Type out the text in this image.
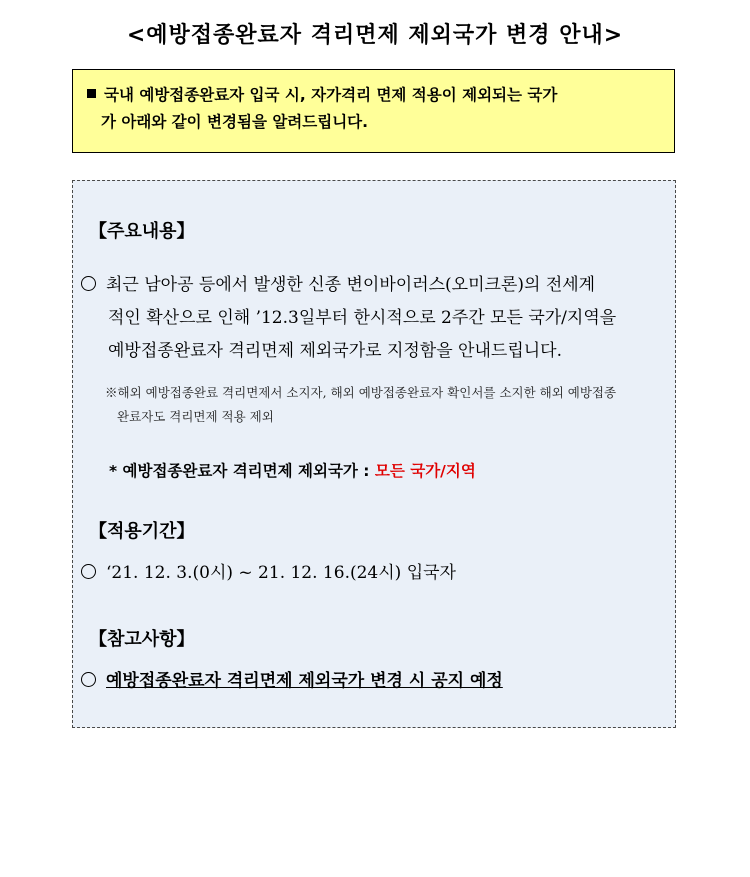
<예방접종완료자 격리면제 제외국가 변경 안내>
국내 예방접종완료자 입국 시, 자가격리 면제 적용이 제외되는 국가
가 아래와 같이 변경됨을 알려드립니다.
【주요내용】
최근 남아공 등에서 발생한 신종 변이바이러스(오미크론)의 전세계
적인 확산으로 인해 ’12.3일부터 한시적으로 2주간 모든 국가/지역을
예방접종완료자 격리면제 제외국가로 지정함을 안내드립니다.
※해외 예방접종완료 격리면제서 소지자, 해외 예방접종완료자 확인서를 소지한 해외 예방접종
완료자도 격리면제 적용 제외
* 예방접종완료자 격리면제 제외국가 : 모든 국가/지역
【적용기간】
‘21. 12. 3.(0시) ~ 21. 12. 16.(24시) 입국자
【참고사항】
예방접종완료자 격리면제 제외국가 변경 시 공지 예정
